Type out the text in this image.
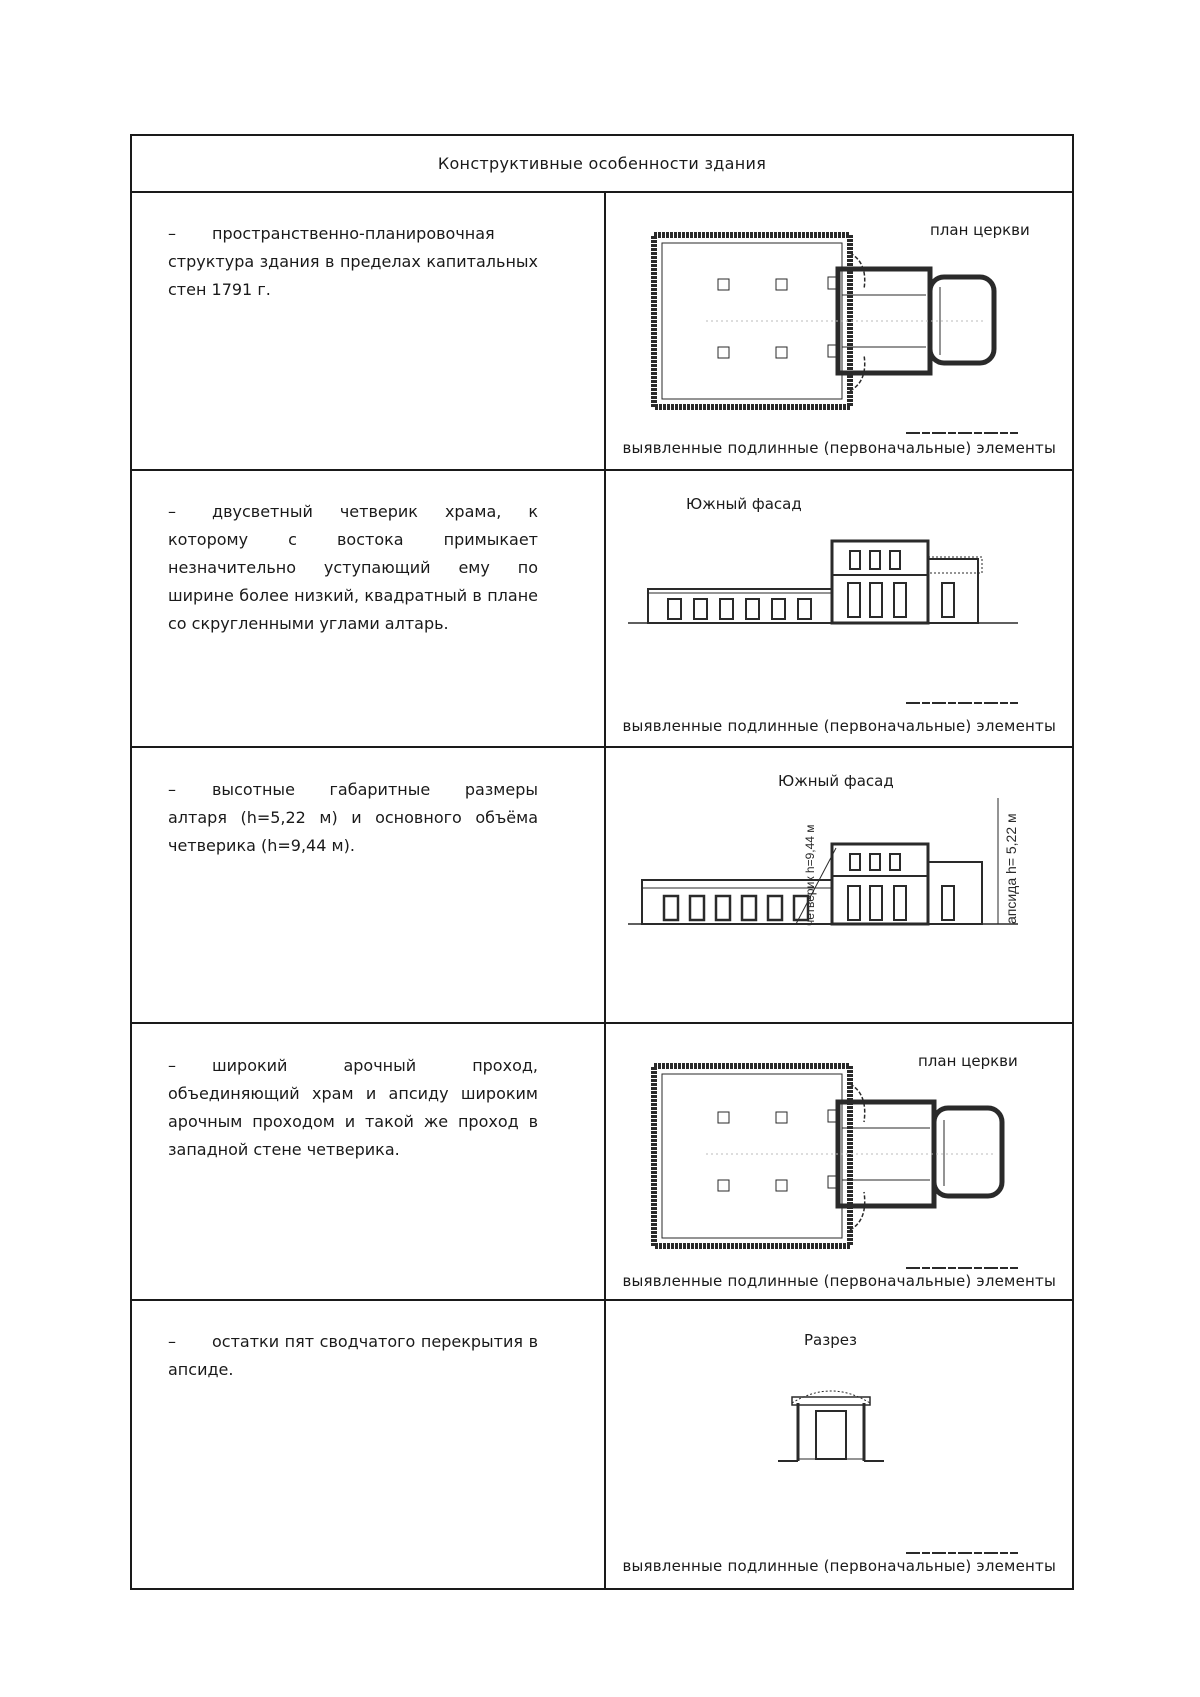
Конструктивные особенности здания
– пространственно-планировочная структура здания в пределах капитальных стен 1791 г.
план церкви
выявленные подлинные (первоначальные) элементы
– двусветный четверик храма, к которому с востока примыкает незначительно уступающий ему по ширине более низкий, квадратный в плане со скругленными углами алтарь.
Южный фасад
выявленные подлинные (первоначальные) элементы
– высотные габаритные размеры алтаря (h=5,22 м) и основного объёма четверика (h=9,44 м).
Южный фасад
четверик h=9,44 м	апсида h= 5,22 м
– широкий арочный проход, объединяющий храм и апсиду широким арочным проходом и такой же проход в западной стене четверика.
план церкви
выявленные подлинные (первоначальные) элементы
– остатки пят сводчатого перекрытия в апсиде.
Разрез
выявленные подлинные (первоначальные) элементы
